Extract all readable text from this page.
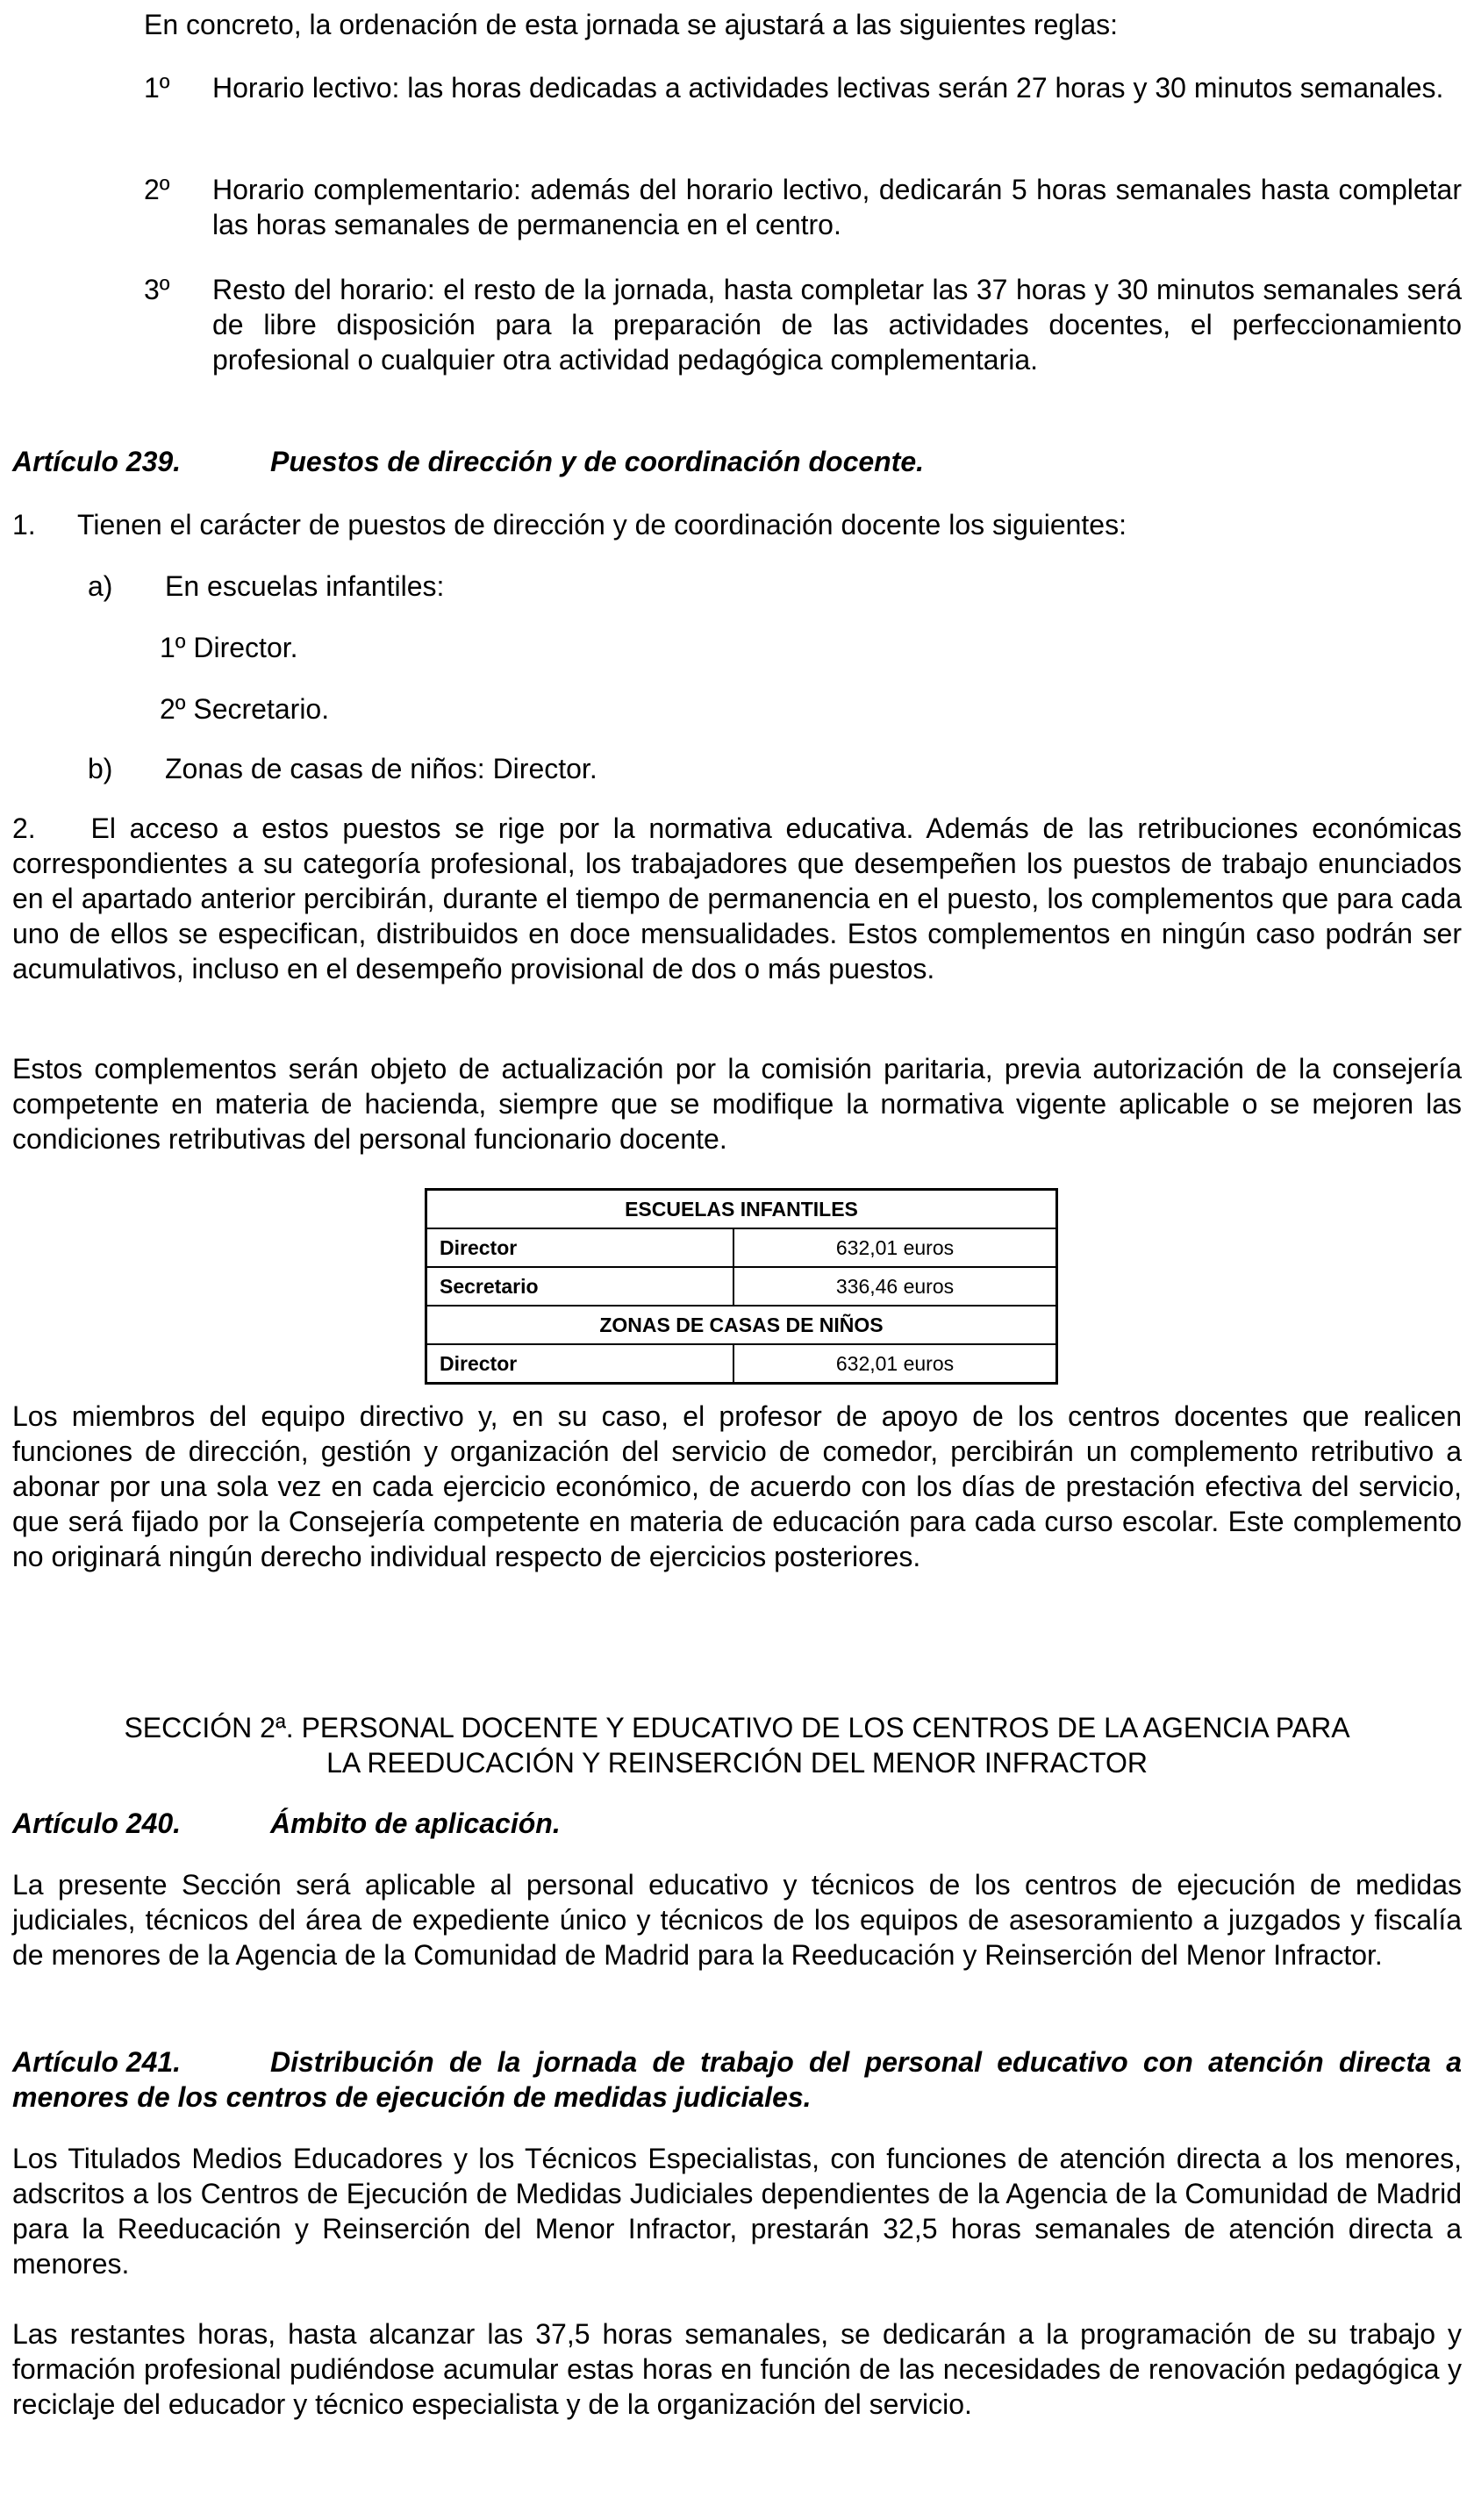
En concreto, la ordenación de esta jornada se ajustará a las siguientes reglas:
1º Horario lectivo: las horas dedicadas a actividades lectivas serán 27 horas y 30 minutos semanales.
2º Horario complementario: además del horario lectivo, dedicarán 5 horas semanales hasta completar las horas semanales de permanencia en el centro.
3º Resto del horario: el resto de la jornada, hasta completar las 37 horas y 30 minutos semanales será de libre disposición para la preparación de las actividades docentes, el perfeccionamiento profesional o cualquier otra actividad pedagógica complementaria.
Artículo 239.	Puestos de dirección y de coordinación docente.
1. Tienen el carácter de puestos de dirección y de coordinación docente los siguientes:
a) En escuelas infantiles:
1º Director.
2º Secretario.
b) Zonas de casas de niños: Director.
2.    El acceso a estos puestos se rige por la normativa educativa. Además de las retribuciones económicas correspondientes a su categoría profesional, los trabajadores que desempeñen los puestos de trabajo enunciados en el apartado anterior percibirán, durante el tiempo de permanencia en el puesto, los complementos que para cada uno de ellos se especifican, distribuidos en doce mensualidades. Estos complementos en ningún caso podrán ser acumulativos, incluso en el desempeño provisional de dos o más puestos.
Estos complementos serán objeto de actualización por la comisión paritaria, previa autorización de la consejería competente en materia de hacienda, siempre que se modifique la normativa vigente aplicable o se mejoren las condiciones retributivas del personal funcionario docente.
ESCUELAS INFANTILES	
Director	632,01 euros
Secretario	336,46 euros
ZONAS DE CASAS DE NIÑOS	
Director	632,01 euros
Los miembros del equipo directivo y, en su caso, el profesor de apoyo de los centros docentes que realicen funciones de dirección, gestión y organización del servicio de comedor, percibirán un complemento retributivo a abonar por una sola vez en cada ejercicio económico, de acuerdo con los días de prestación efectiva del servicio, que será fijado por la Consejería competente en materia de educación para cada curso escolar. Este complemento no originará ningún derecho individual respecto de ejercicios posteriores.
SECCIÓN 2ª. PERSONAL DOCENTE Y EDUCATIVO DE LOS CENTROS DE LA AGENCIA PARA
LA REEDUCACIÓN Y REINSERCIÓN DEL MENOR INFRACTOR
Artículo 240.	Ámbito de aplicación.
La presente Sección será aplicable al personal educativo y técnicos de los centros de ejecución de medidas judiciales, técnicos del área de expediente único y técnicos de los equipos de asesoramiento a juzgados y fiscalía de menores de la Agencia de la Comunidad de Madrid para la Reeducación y Reinserción del Menor Infractor.
Artículo 241.	Distribución de la jornada de trabajo del personal educativo con atención directa a menores de los centros de ejecución de medidas judiciales.
Los Titulados Medios Educadores y los Técnicos Especialistas, con funciones de atención directa a los menores, adscritos a los Centros de Ejecución de Medidas Judiciales dependientes de la Agencia de la Comunidad de Madrid para la Reeducación y Reinserción del Menor Infractor, prestarán 32,5 horas semanales de atención directa a menores.
Las restantes horas, hasta alcanzar las 37,5 horas semanales, se dedicarán a la programación de su trabajo y formación profesional pudiéndose acumular estas horas en función de las necesidades de renovación pedagógica y reciclaje del educador y técnico especialista y de la organización del servicio.
